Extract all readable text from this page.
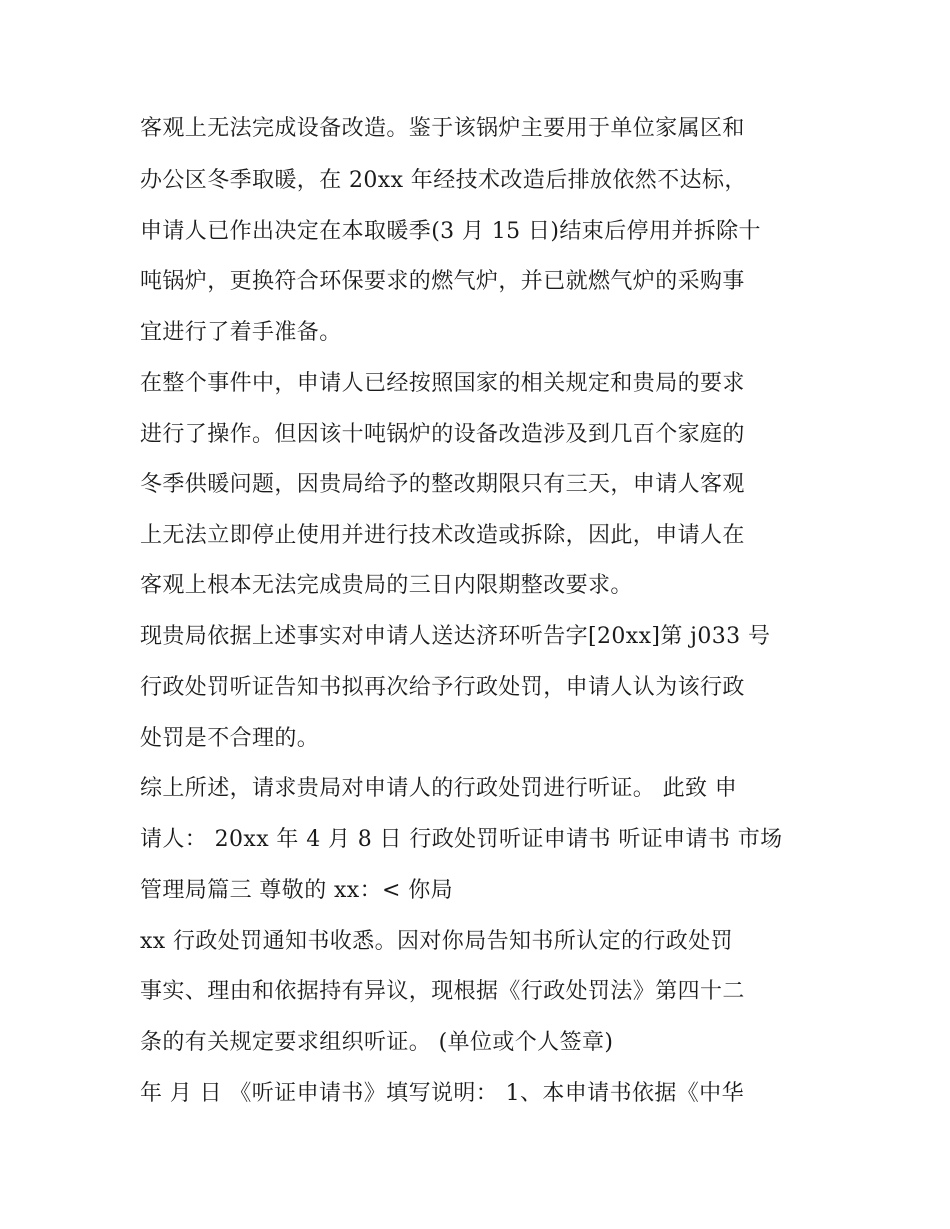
客观上无法完成设备改造。鉴于该锅炉主要用于单位家属区和
办公区冬季取暖，在 20xx 年经技术改造后排放依然不达标，
申请人已作出决定在本取暖季(3 月 15 日)结束后停用并拆除十
吨锅炉，更换符合环保要求的燃气炉，并已就燃气炉的采购事
宜进行了着手准备。
在整个事件中，申请人已经按照国家的相关规定和贵局的要求
进行了操作。但因该十吨锅炉的设备改造涉及到几百个家庭的
冬季供暖问题，因贵局给予的整改期限只有三天，申请人客观
上无法立即停止使用并进行技术改造或拆除，因此，申请人在
客观上根本无法完成贵局的三日内限期整改要求。
现贵局依据上述事实对申请人送达济环听告字[20xx]第 j033 号
行政处罚听证告知书拟再次给予行政处罚，申请人认为该行政
处罚是不合理的。
综上所述，请求贵局对申请人的行政处罚进行听证。 此致 申
请人： 20xx 年 4 月 8 日 行政处罚听证申请书 听证申请书 市场
管理局篇三 尊敬的 xx：< 你局
xx 行政处罚通知书收悉。因对你局告知书所认定的行政处罚
事实、理由和依据持有异议，现根据《行政处罚法》第四十二
条的有关规定要求组织听证。 (单位或个人签章)
年 月 日 《听证申请书》填写说明： 1、本申请书依据《中华
